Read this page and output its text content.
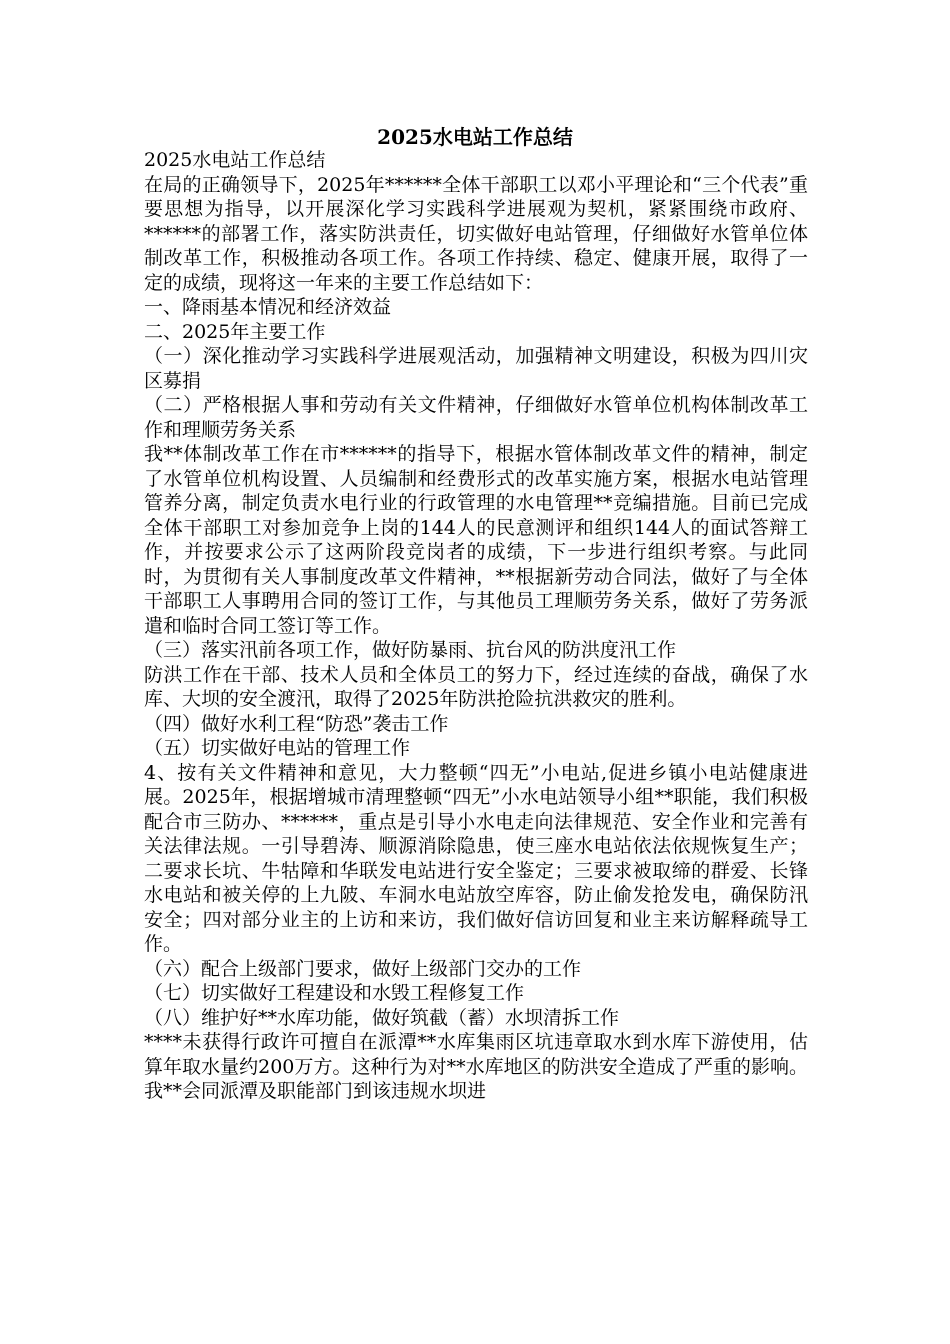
2025水电站工作总结

2025水电站工作总结

在局的正确领导下，2025年******全体干部职工以邓小平理论和“三个代表”重要思想为指导，以开展深化学习实践科学进展观为契机，紧紧围绕市政府、******的部署工作，落实防洪责任，切实做好电站管理，仔细做好水管单位体制改革工作，积极推动各项工作。各项工作持续、稳定、健康开展，取得了一定的成绩，现将这一年来的主要工作总结如下：

一、降雨基本情况和经济效益

二、2025年主要工作

（一）深化推动学习实践科学进展观活动，加强精神文明建设，积极为四川灾区募捐

（二）严格根据人事和劳动有关文件精神，仔细做好水管单位机构体制改革工作和理顺劳务关系

我**体制改革工作在市******的指导下，根据水管体制改革文件的精神，制定了水管单位机构设置、人员编制和经费形式的改革实施方案，根据水电站管理管养分离，制定负责水电行业的行政管理的水电管理**竞编措施。目前已完成全体干部职工对参加竞争上岗的144人的民意测评和组织144人的面试答辩工作，并按要求公示了这两阶段竞岗者的成绩，下一步进行组织考察。与此同时，为贯彻有关人事制度改革文件精神，**根据新劳动合同法，做好了与全体干部职工人事聘用合同的签订工作，与其他员工理顺劳务关系，做好了劳务派遣和临时合同工签订等工作。

（三）落实汛前各项工作，做好防暴雨、抗台风的防洪度汛工作

防洪工作在干部、技术人员和全体员工的努力下，经过连续的奋战，确保了水库、大坝的安全渡汛，取得了2025年防洪抢险抗洪救灾的胜利。

（四）做好水利工程“防恐”袭击工作

（五）切实做好电站的管理工作

4、按有关文件精神和意见，大力整顿“四无”小电站,促进乡镇小电站健康进展。2025年，根据增城市清理整顿“四无”小水电站领导小组**职能，我们积极配合市三防办、******，重点是引导小水电走向法律规范、安全作业和完善有关法律法规。一引导碧涛、顺源消除隐患，使三座水电站依法依规恢复生产；二要求长坑、牛牯障和华联发电站进行安全鉴定；三要求被取缔的群爱、长锋水电站和被关停的上九陂、车洞水电站放空库容，防止偷发抢发电，确保防汛安全；四对部分业主的上访和来访，我们做好信访回复和业主来访解释疏导工作。

（六）配合上级部门要求，做好上级部门交办的工作

（七）切实做好工程建设和水毁工程修复工作

（八）维护好**水库功能，做好筑截（蓄）水坝清拆工作

****未获得行政许可擅自在派潭**水库集雨区坑违章取水到水库下游使用，估算年取水量约200万方。这种行为对**水库地区的防洪安全造成了严重的影响。我**会同派潭及职能部门到该违规水坝进
